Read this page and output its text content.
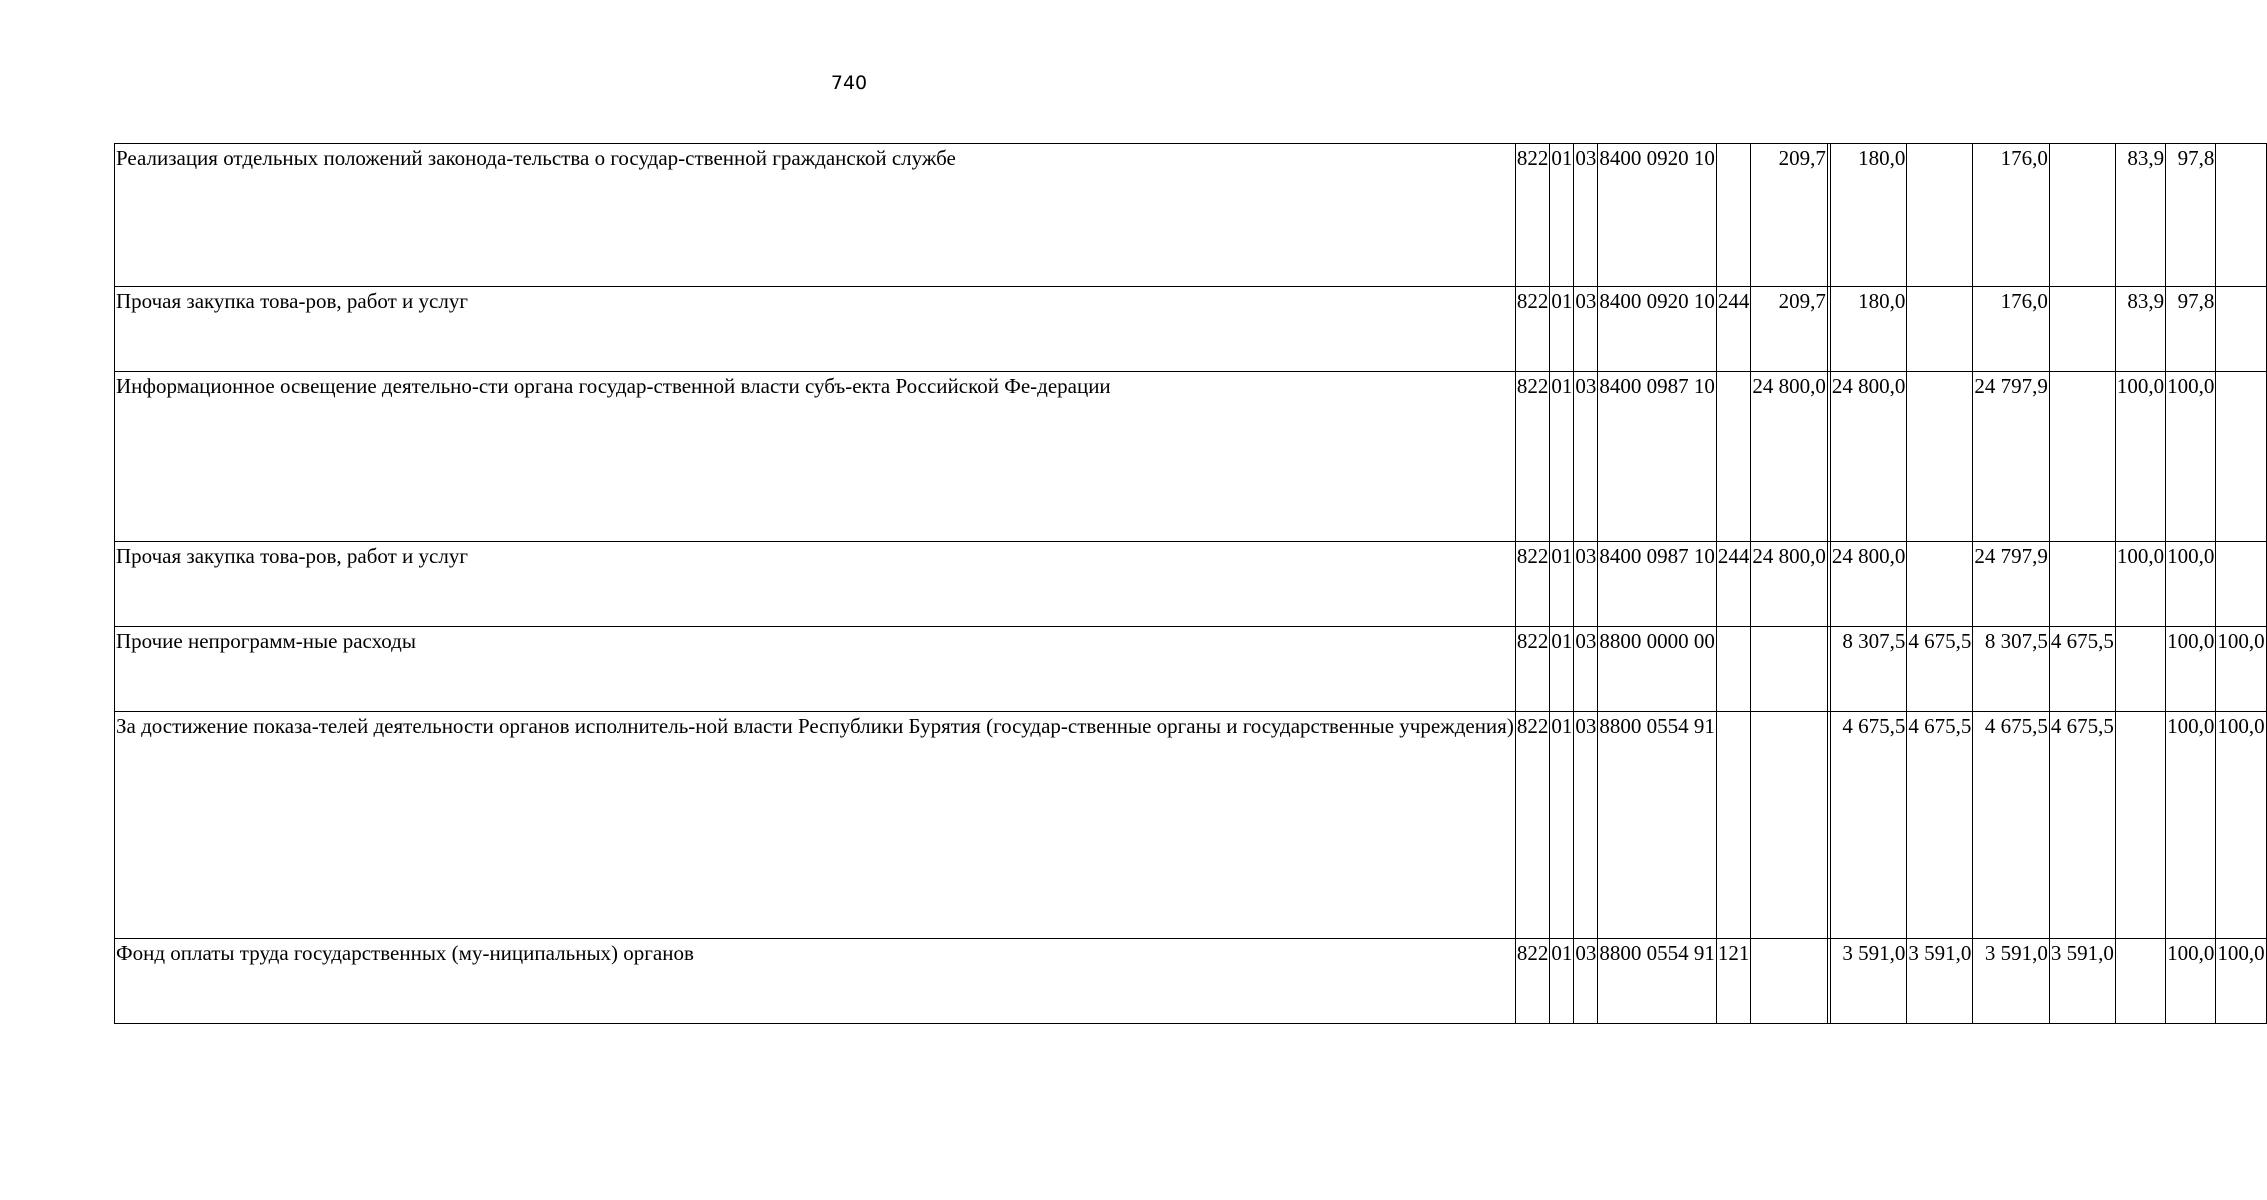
740
Реализация отдельных положений законода-тельства о государ-ственной гражданской службе	822	01	03	8400 0920 10		209,7		180,0		176,0		83,9	97,8	
Прочая закупка това-ров, работ и услуг	822	01	03	8400 0920 10	244	209,7		180,0		176,0		83,9	97,8	
Информационное освещение деятельно-сти органа государ-ственной власти субъ-екта Российской Фе-дерации	822	01	03	8400 0987 10		24 800,0		24 800,0		24 797,9		100,0	100,0	
Прочая закупка това-ров, работ и услуг	822	01	03	8400 0987 10	244	24 800,0		24 800,0		24 797,9		100,0	100,0	
Прочие непрограмм-ные расходы	822	01	03	8800 0000 00				8 307,5	4 675,5	8 307,5	4 675,5		100,0	100,0
За достижение показа-телей деятельности органов исполнитель-ной власти Республики Бурятия (государ-ственные органы и государственные учреждения)	822	01	03	8800 0554 91				4 675,5	4 675,5	4 675,5	4 675,5		100,0	100,0
Фонд оплаты труда государственных (му-ниципальных) органов	822	01	03	8800 0554 91	121			3 591,0	3 591,0	3 591,0	3 591,0		100,0	100,0
